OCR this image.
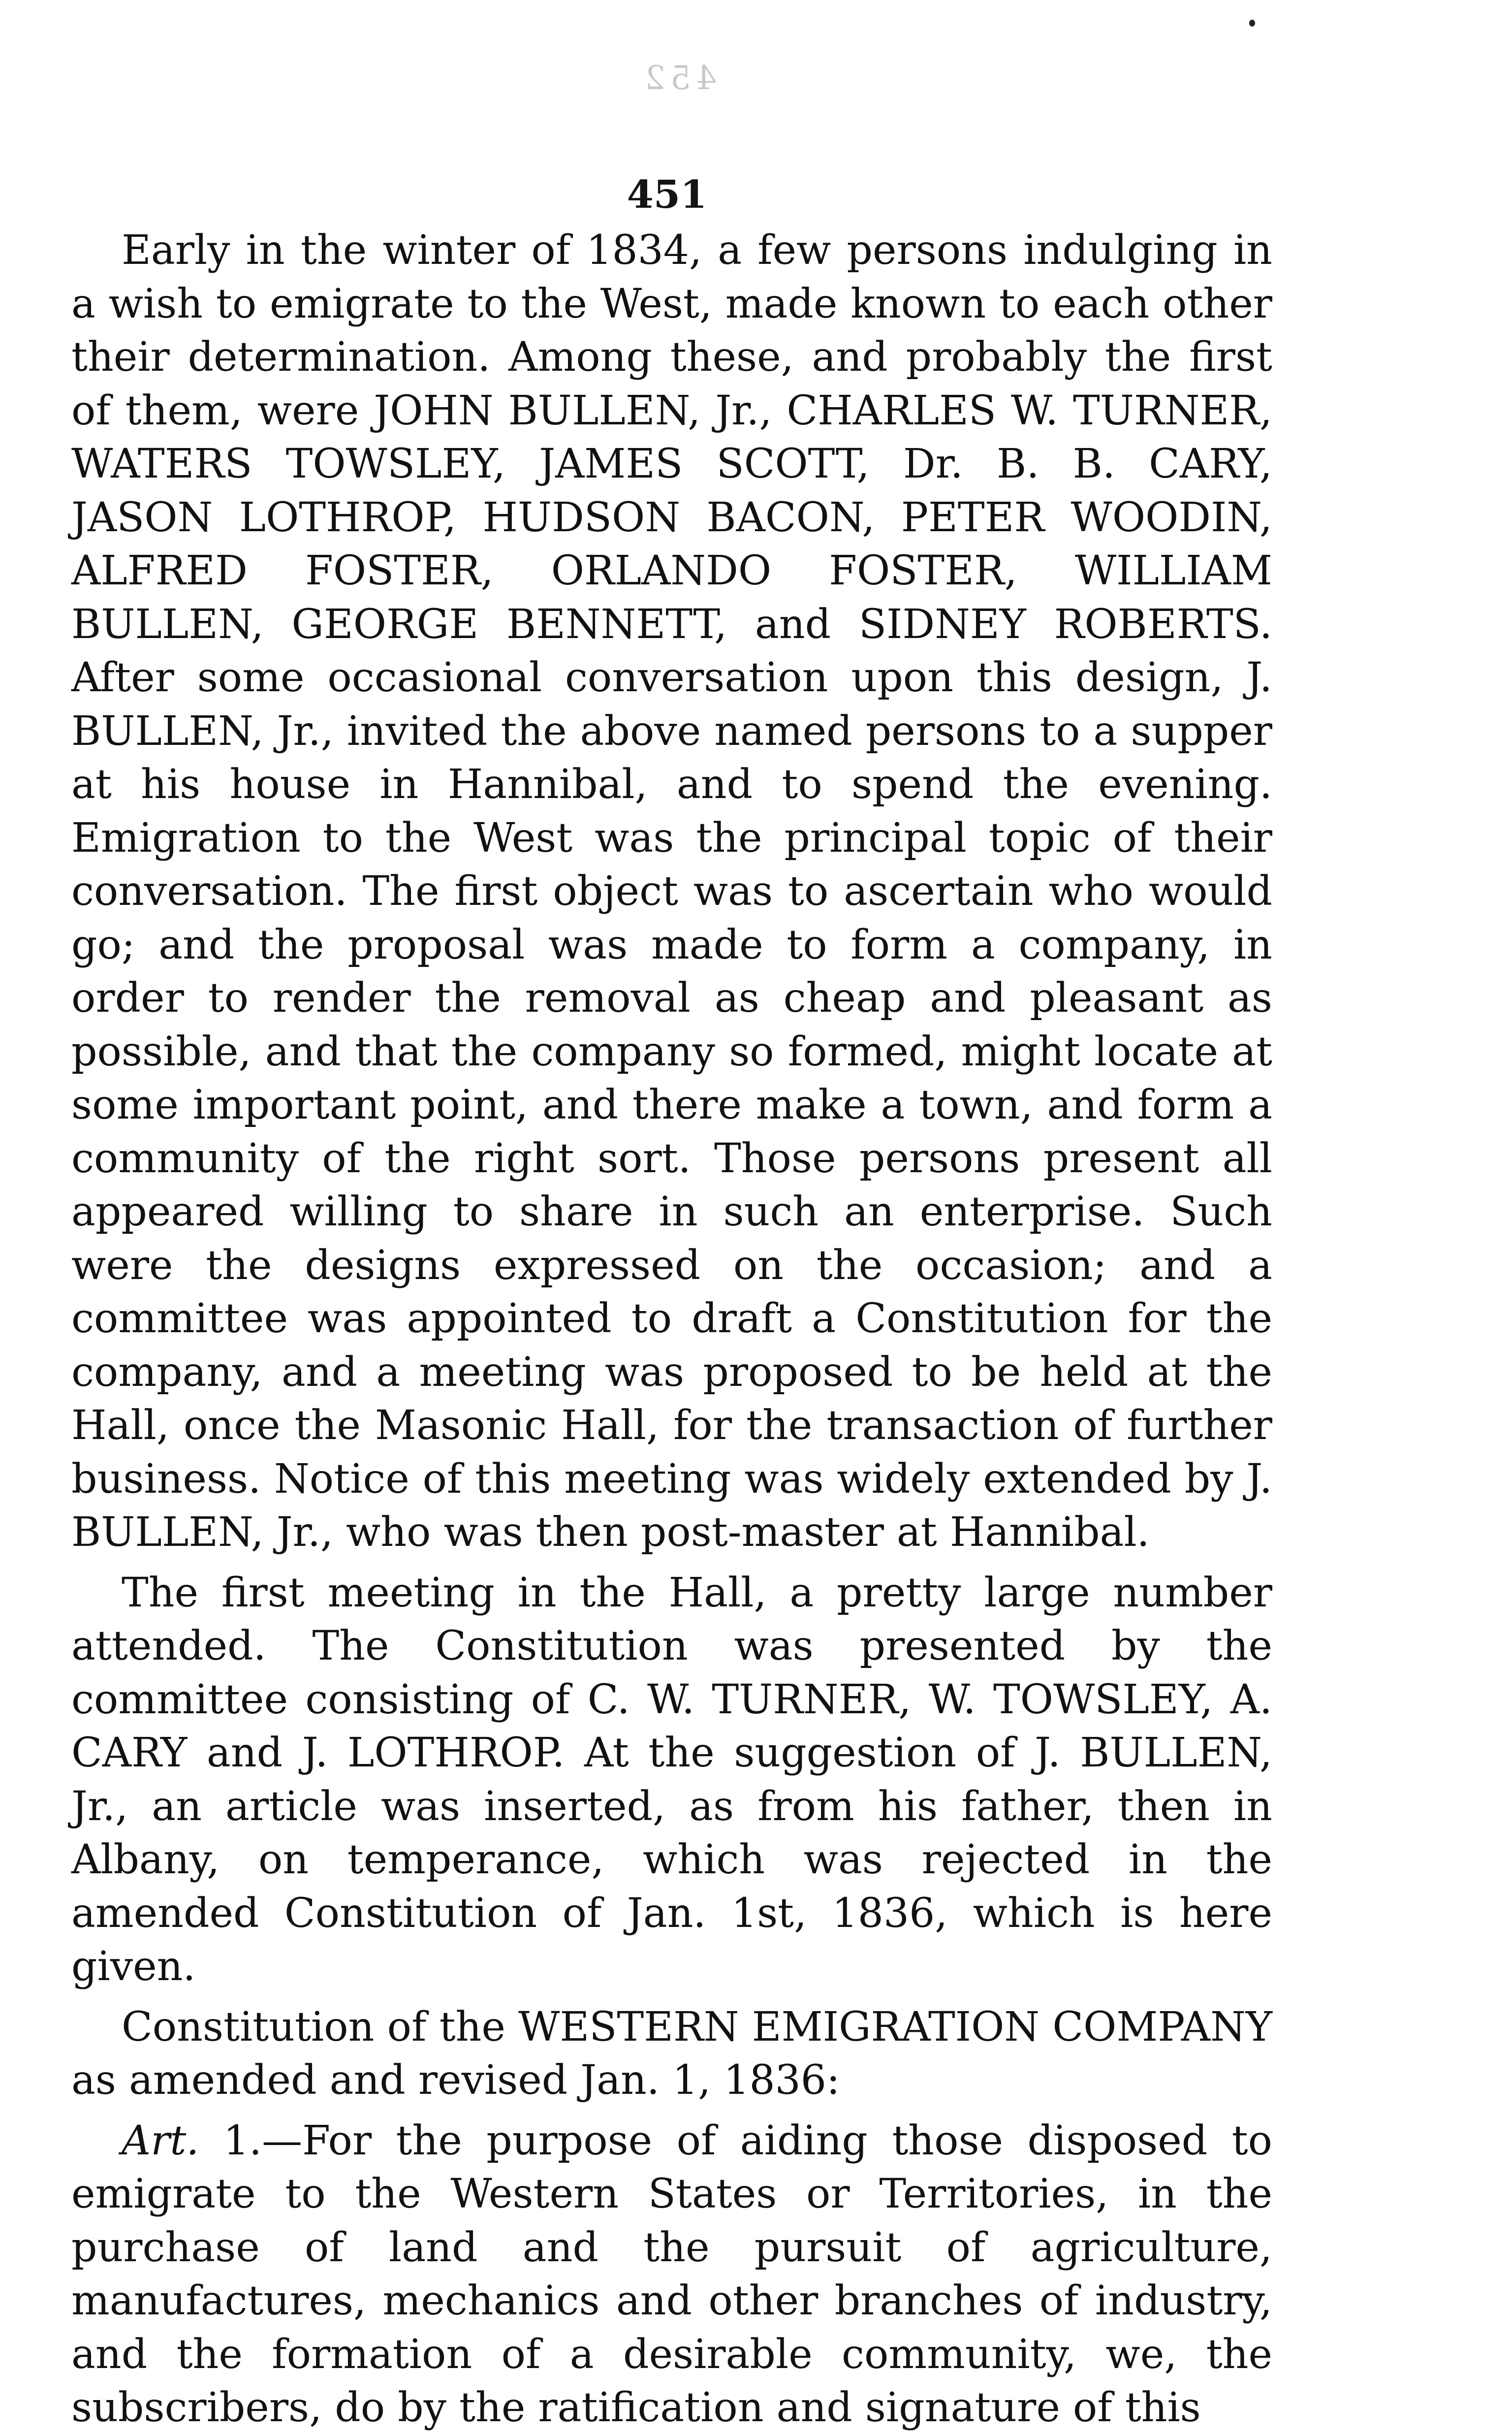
452
451

Early in the winter of 1834, a few persons indulging in a wish to emigrate to the West, made known to each other their determination. Among these, and probably the first of them, were JOHN BULLEN, Jr., CHARLES W. TURNER, WATERS TOWSLEY, JAMES SCOTT, Dr. B. B. CARY, JASON LOTHROP, HUDSON BACON, PETER WOODIN, ALFRED FOSTER, ORLANDO FOSTER, WILLIAM BULLEN, GEORGE BENNETT, and SIDNEY ROBERTS. After some occasional conversation upon this design, J. BULLEN, Jr., invited the above named persons to a supper at his house in Hannibal, and to spend the evening. Emigration to the West was the principal topic of their conversation. The first object was to ascertain who would go; and the proposal was made to form a company, in order to render the removal as cheap and pleasant as possible, and that the company so formed, might locate at some important point, and there make a town, and form a community of the right sort. Those persons present all appeared willing to share in such an enterprise. Such were the designs expressed on the occasion; and a committee was appointed to draft a Constitution for the company, and a meeting was proposed to be held at the Hall, once the Masonic Hall, for the transaction of further business. Notice of this meeting was widely extended by J. BULLEN, Jr., who was then post-master at Hannibal.

The first meeting in the Hall, a pretty large number attended. The Constitution was presented by the committee consisting of C. W. TURNER, W. TOWSLEY, A. CARY and J. LOTHROP. At the suggestion of J. BULLEN, Jr., an article was inserted, as from his father, then in Albany, on temperance, which was rejected in the amended Constitution of Jan. 1st, 1836, which is here given.

Constitution of the WESTERN EMIGRATION COMPANY as amended and revised Jan. 1, 1836:

Art. 1.—For the purpose of aiding those disposed to emigrate to the Western States or Territories, in the purchase of land and the pursuit of agriculture, manufactures, mechanics and other branches of industry, and the formation of a desirable community, we, the subscribers, do by the ratification and signature of this
